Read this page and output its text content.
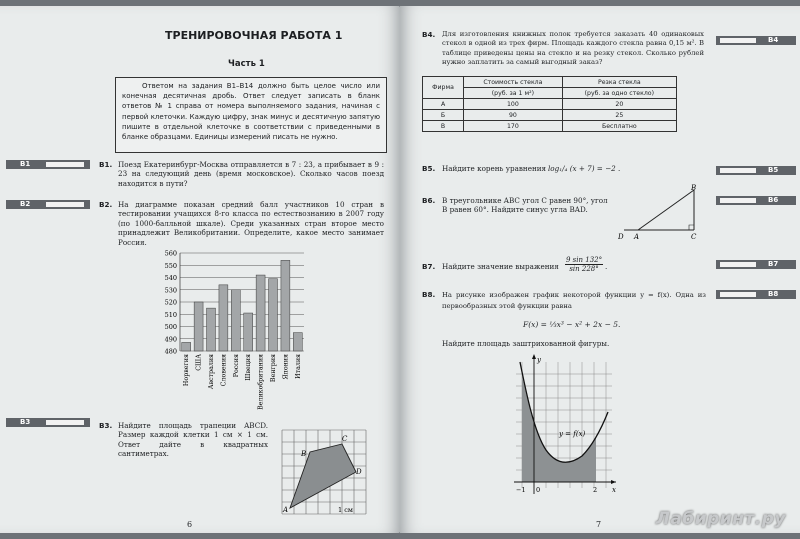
ТРЕНИРОВОЧНАЯ РАБОТА 1
Часть 1
Ответом на задания В1–В14 должно быть целое число или конечная десятичная дробь. Ответ следует записать в бланк ответов № 1 справа от номера выполняемого задания, начиная с первой клеточки. Каждую цифру, знак минус и десятичную запятую пишите в отдельной клеточке в соответствии с приведенными в бланке образцами. Единицы измерений писать не нужно.
B1
B2
B3
B1. Поезд Екатеринбург-Москва отправляется в 7 : 23, а прибывает в 9 : 23 на следующий день (время московское). Сколько часов поезд находится в пути?
B2. На диаграмме показан средний балл участников 10 стран в тестировании учащихся 8-го класса по естествознанию в 2007 году (по 1000-балльной шкале). Среди указанных стран второе место принадлежит Великобритании. Определите, какое место занимает Россия.
480
490
500
510
520
530
540
550
560
Норвегия США Австралия Словения Россия Швеция Великобритания Венгрия Япония Италия
B3. Найдите площадь трапеции ABCD. Размер каждой клетки 1 см × 1 см. Ответ дайте в квадратных сантиметрах.
A
B
C
D
1 см
6
B4
B5
B6
B7
B8
B4. Для изготовления книжных полок требуется заказать 40 одинаковых стекол в одной из трех фирм. Площадь каждого стекла равна 0,15 м². В таблице приведены цены на стекло и на резку стекол. Сколько рублей нужно заплатить за самый выгодный заказ?
Фирма	Стоимость стекла	Резка стекла
	(руб. за 1 м²)	(руб. за одно стекло)
А	100	20
Б	90	25
В	170	Бесплатно
B5. Найдите корень уравнения log₁/₄ (x + 7) = −2 .
B6. В треугольнике ABC угол C равен 90°, угол B равен 60°. Найдите синус угла BAD.
B
D A	C
B7. Найдите значение выражения $\frac{9 \sin 132^\circ}{\sin 228^\circ}$ .
B8. На рисунке изображен график некоторой функции y = f(x). Одна из первообразных этой функции равна
F(x) = ⅓x³ − x² + 2x − 5.
Найдите площадь заштрихованной фигуры.
y
x
y = f(x)
−1 0	2
7	Лабиринт.ру
